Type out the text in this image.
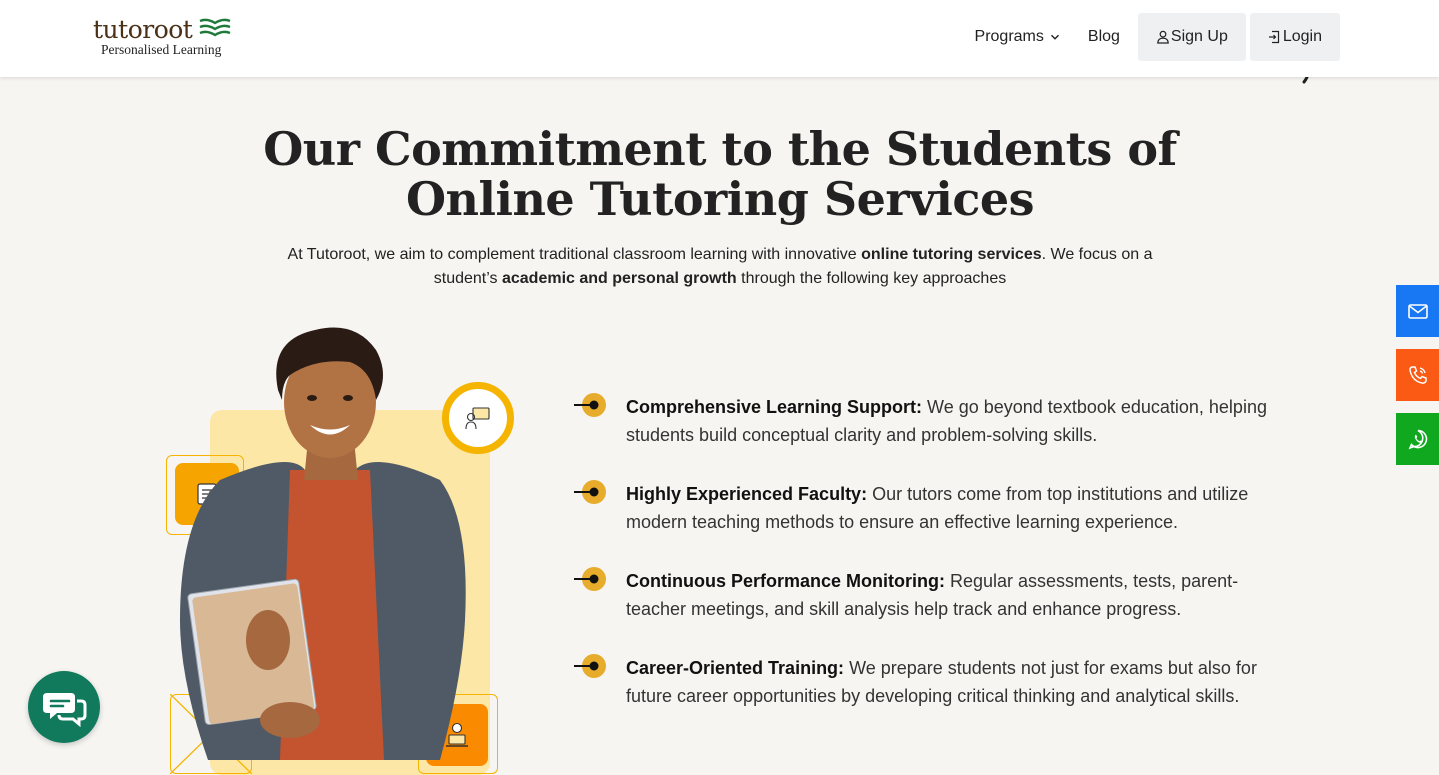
tutoroot
Personalised Learning
Programs	Blog	Sign Up	Login
Our Commitment to the Students of
Online Tutoring Services

At Tutoroot, we aim to complement traditional classroom learning with innovative online tutoring services. We focus on a student’s academic and personal growth through the following key approaches

Comprehensive Learning Support: We go beyond textbook education, helping students build conceptual clarity and problem-solving skills.

Highly Experienced Faculty: Our tutors come from top institutions and utilize modern teaching methods to ensure an effective learning experience.

Continuous Performance Monitoring: Regular assessments, tests, parent-teacher meetings, and skill analysis help track and enhance progress.

Career-Oriented Training: We prepare students not just for exams but also for future career opportunities by developing critical thinking and analytical skills.
